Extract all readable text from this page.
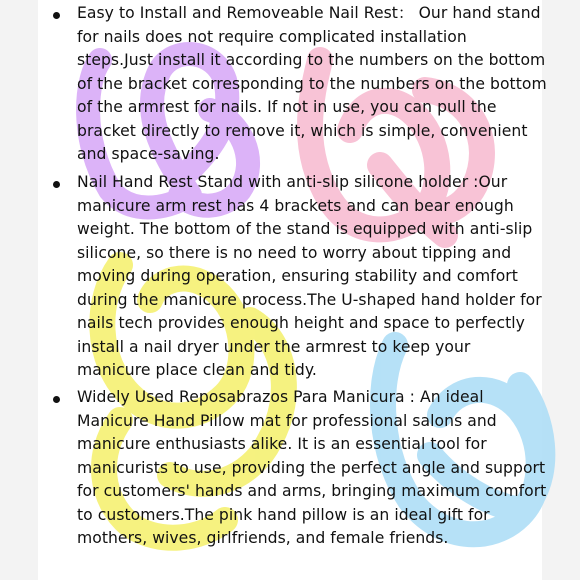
Easy to Install and Removeable Nail Rest： Our hand stand for nails does not require complicated installation steps.Just install it according to the numbers on the bottom of the bracket corresponding to the numbers on the bottom of the armrest for nails. If not in use, you can pull the bracket directly to remove it, which is simple, convenient and space-saving.
Nail Hand Rest Stand with anti-slip silicone holder :Our manicure arm rest has 4 brackets and can bear enough weight. The bottom of the stand is equipped with anti-slip silicone, so there is no need to worry about tipping and moving during operation, ensuring stability and comfort during the manicure process.The U-shaped hand holder for nails tech provides enough height and space to perfectly install a nail dryer under the armrest to keep your manicure place clean and tidy.
Widely Used Reposabrazos Para Manicura : An ideal Manicure Hand Pillow mat for professional salons and manicure enthusiasts alike. It is an essential tool for manicurists to use, providing the perfect angle and support for customers' hands and arms, bringing maximum comfort to customers.The pink hand pillow is an ideal gift for mothers, wives, girlfriends, and female friends.
